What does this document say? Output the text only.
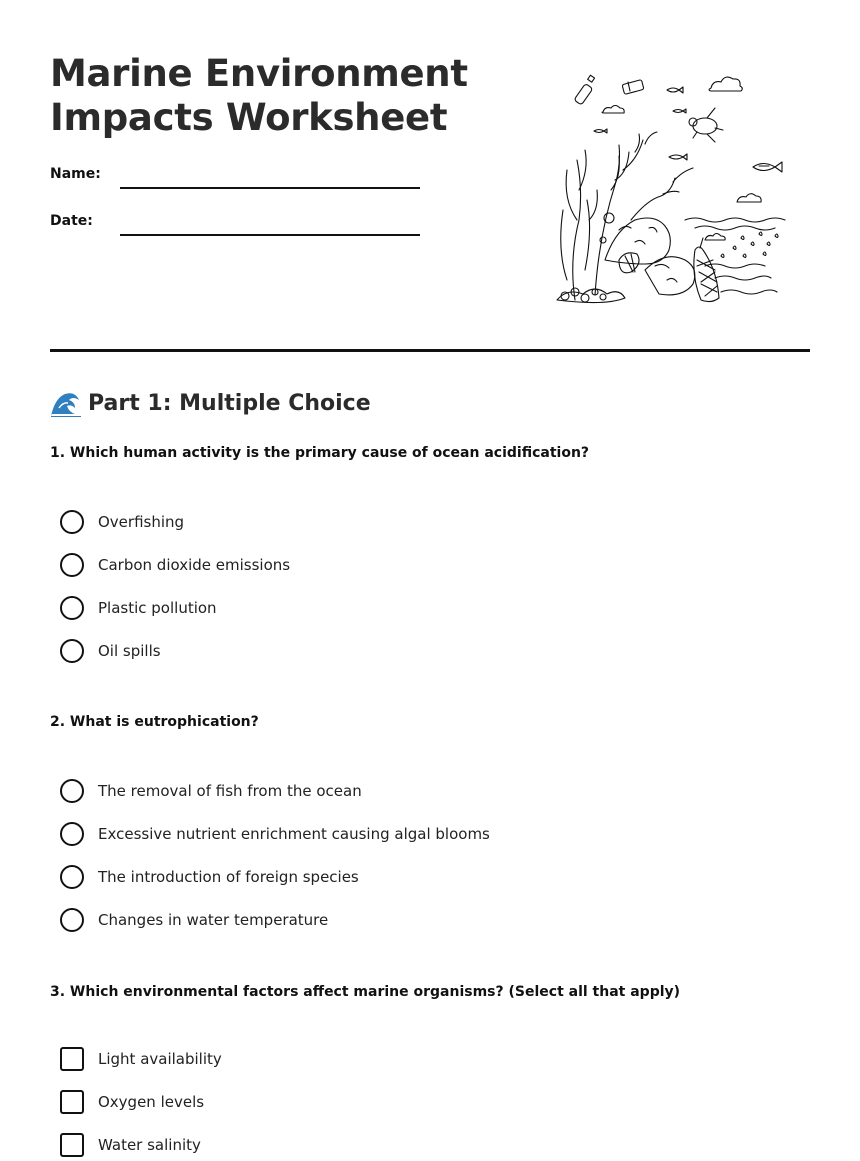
Marine Environment Impacts Worksheet
Name:
Date:
Part 1: Multiple Choice

1. Which human activity is the primary cause of ocean acidification?

Overfishing
Carbon dioxide emissions
Plastic pollution
Oil spills

2. What is eutrophication?

The removal of fish from the ocean
Excessive nutrient enrichment causing algal blooms
The introduction of foreign species
Changes in water temperature

3. Which environmental factors affect marine organisms? (Select all that apply)

Light availability
Oxygen levels
Water salinity
